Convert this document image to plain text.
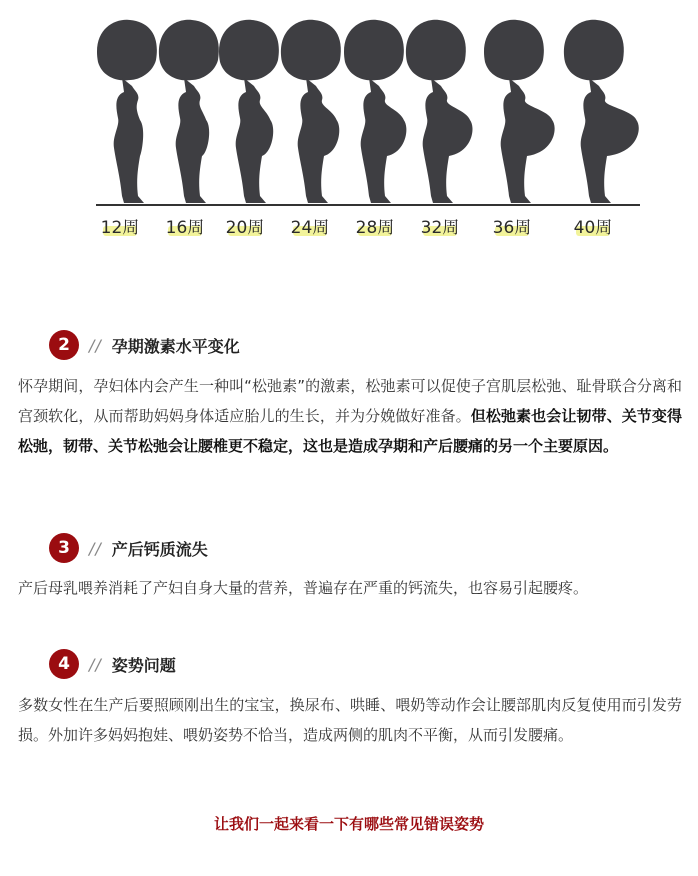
12周	16周	20周	24周	28周	32周	36周	40周
2	// 孕期激素水平变化
怀孕期间，孕妇体内会产生一种叫“松弛素”的激素，松弛素可以促使子宫肌层松弛、耻骨联合分离和宫颈软化，从而帮助妈妈身体适应胎儿的生长，并为分娩做好准备。但松弛素也会让韧带、关节变得松弛，韧带、关节松弛会让腰椎更不稳定，这也是造成孕期和产后腰痛的另一个主要原因。
3	// 产后钙质流失
产后母乳喂养消耗了产妇自身大量的营养，普遍存在严重的钙流失，也容易引起腰疼。
4	// 姿势问题
多数女性在生产后要照顾刚出生的宝宝，换尿布、哄睡、喂奶等动作会让腰部肌肉反复使用而引发劳损。外加许多妈妈抱娃、喂奶姿势不恰当，造成两侧的肌肉不平衡，从而引发腰痛。
让我们一起来看一下有哪些常见错误姿势
